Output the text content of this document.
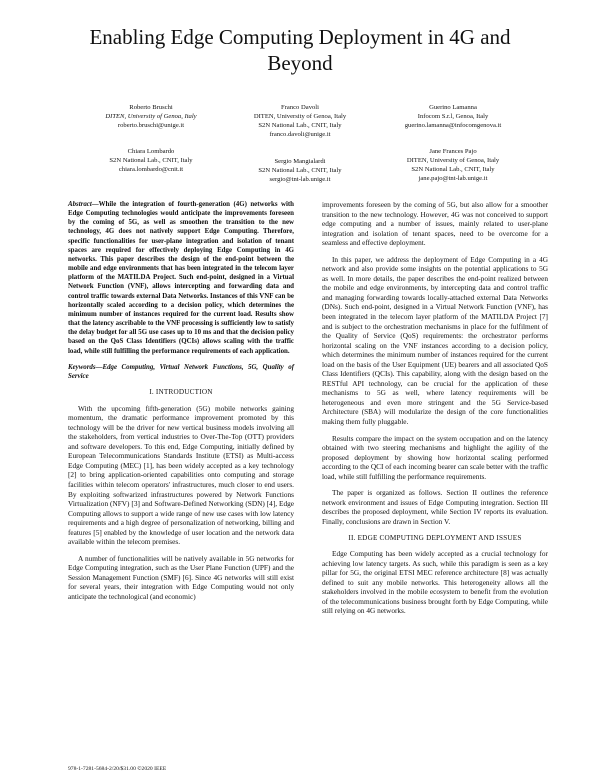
Enabling Edge Computing Deployment in 4G and Beyond
Roberto Bruschi
DITEN, University of Genoa, Italy
roberto.bruschi@unige.it
Franco Davoli
DITEN, University of Genoa, Italy
S2N National Lab., CNIT, Italy
franco.davoli@unige.it
Guerino Lamanna
Infocom S.r.l, Genoa, Italy
guerino.lamanna@infocomgenova.it
Chiara Lombardo
S2N National Lab., CNIT, Italy
chiara.lombardo@cnit.it
Sergio Mangialardi
S2N National Lab., CNIT, Italy
sergio@tnt-lab.unige.it
Jane Frances Pajo
DITEN, University of Genoa, Italy
S2N National Lab., CNIT, Italy
jane.pajo@tnt-lab.unige.it

Abstract—While the integration of fourth-generation (4G) networks with Edge Computing technologies would anticipate the improvements foreseen by the coming of 5G, as well as smoothen the transition to the new technology, 4G does not natively support Edge Computing. Therefore, specific functionalities for user-plane integration and isolation of tenant spaces are required for effectively deploying Edge Computing in 4G networks. This paper describes the design of the end-point between the mobile and edge environments that has been integrated in the telecom layer platform of the MATILDA Project. Such end-point, designed in a Virtual Network Function (VNF), allows intercepting and forwarding data and control traffic towards external Data Networks. Instances of this VNF can be horizontally scaled according to a decision policy, which determines the minimum number of instances required for the current load. Results show that the latency ascribable to the VNF processing is sufficiently low to satisfy the delay budget for all 5G use cases up to 10 ms and that the decision policy based on the QoS Class Identifiers (QCIs) allows scaling with the traffic load, while still fulfilling the performance requirements of each application.

Keywords—Edge Computing, Virtual Network Functions, 5G, Quality of Service

I. INTRODUCTION

With the upcoming fifth-generation (5G) mobile networks gaining momentum, the dramatic performance improvement promoted by this technology will be the driver for new vertical business models involving all the stakeholders, from vertical industries to Over-The-Top (OTT) providers and software developers. To this end, Edge Computing, initially defined by European Telecommunications Standards Institute (ETSI) as Multi-access Edge Computing (MEC) [1], has been widely accepted as a key technology [2] to bring application-oriented capabilities onto computing and storage facilities within telecom operators' infrastructures, much closer to end users. By exploiting softwarized infrastructures powered by Network Functions Virtualization (NFV) [3] and Software-Defined Networking (SDN) [4], Edge Computing allows to support a wide range of new use cases with low latency requirements and a high degree of personalization of networking, billing and features [5] enabled by the knowledge of user location and the network data available within the telecom premises.

A number of functionalities will be natively available in 5G networks for Edge Computing integration, such as the User Plane Function (UPF) and the Session Management Function (SMF) [6]. Since 4G networks will still exist for several years, their integration with Edge Computing would not only anticipate the technological (and economic)

improvements foreseen by the coming of 5G, but also allow for a smoother transition to the new technology. However, 4G was not conceived to support edge computing and a number of issues, mainly related to user-plane integration and isolation of tenant spaces, need to be overcome for a seamless and effective deployment.

In this paper, we address the deployment of Edge Computing in a 4G network and also provide some insights on the potential applications to 5G as well. In more details, the paper describes the end-point realized between the mobile and edge environments, by intercepting data and control traffic and managing forwarding towards locally-attached external Data Networks (DNs). Such end-point, designed in a Virtual Network Function (VNF), has been integrated in the telecom layer platform of the MATILDA Project [7] and is subject to the orchestration mechanisms in place for the fulfilment of the Quality of Service (QoS) requirements: the orchestrator performs horizontal scaling on the VNF instances according to a decision policy, which determines the minimum number of instances required for the current load on the basis of the User Equipment (UE) bearers and all associated QoS Class Identifiers (QCIs). This capability, along with the design based on the RESTful API technology, can be crucial for the application of these mechanisms to 5G as well, where latency requirements will be heterogeneous and even more stringent and the 5G Service-based Architecture (SBA) will modularize the design of the core functionalities making them fully pluggable.

Results compare the impact on the system occupation and on the latency obtained with two steering mechanisms and highlight the agility of the proposed deployment by showing how horizontal scaling performed according to the QCI of each incoming bearer can scale better with the traffic load, while still fulfilling the performance requirements.

The paper is organized as follows. Section II outlines the reference network environment and issues of Edge Computing integration. Section III describes the proposed deployment, while Section IV reports its evaluation. Finally, conclusions are drawn in Section V.

II. EDGE COMPUTING DEPLOYMENT AND ISSUES

Edge Computing has been widely accepted as a crucial technology for achieving low latency targets. As such, while this paradigm is seen as a key pillar for 5G, the original ETSI MEC reference architecture [8] was actually defined to suit any mobile networks. This heterogeneity allows all the stakeholders involved in the mobile ecosystem to benefit from the evolution of the telecommunications business brought forth by Edge Computing, while still relying on 4G networks.

978-1-7281-5684-2/20/$31.00 ©2020 IEEE
